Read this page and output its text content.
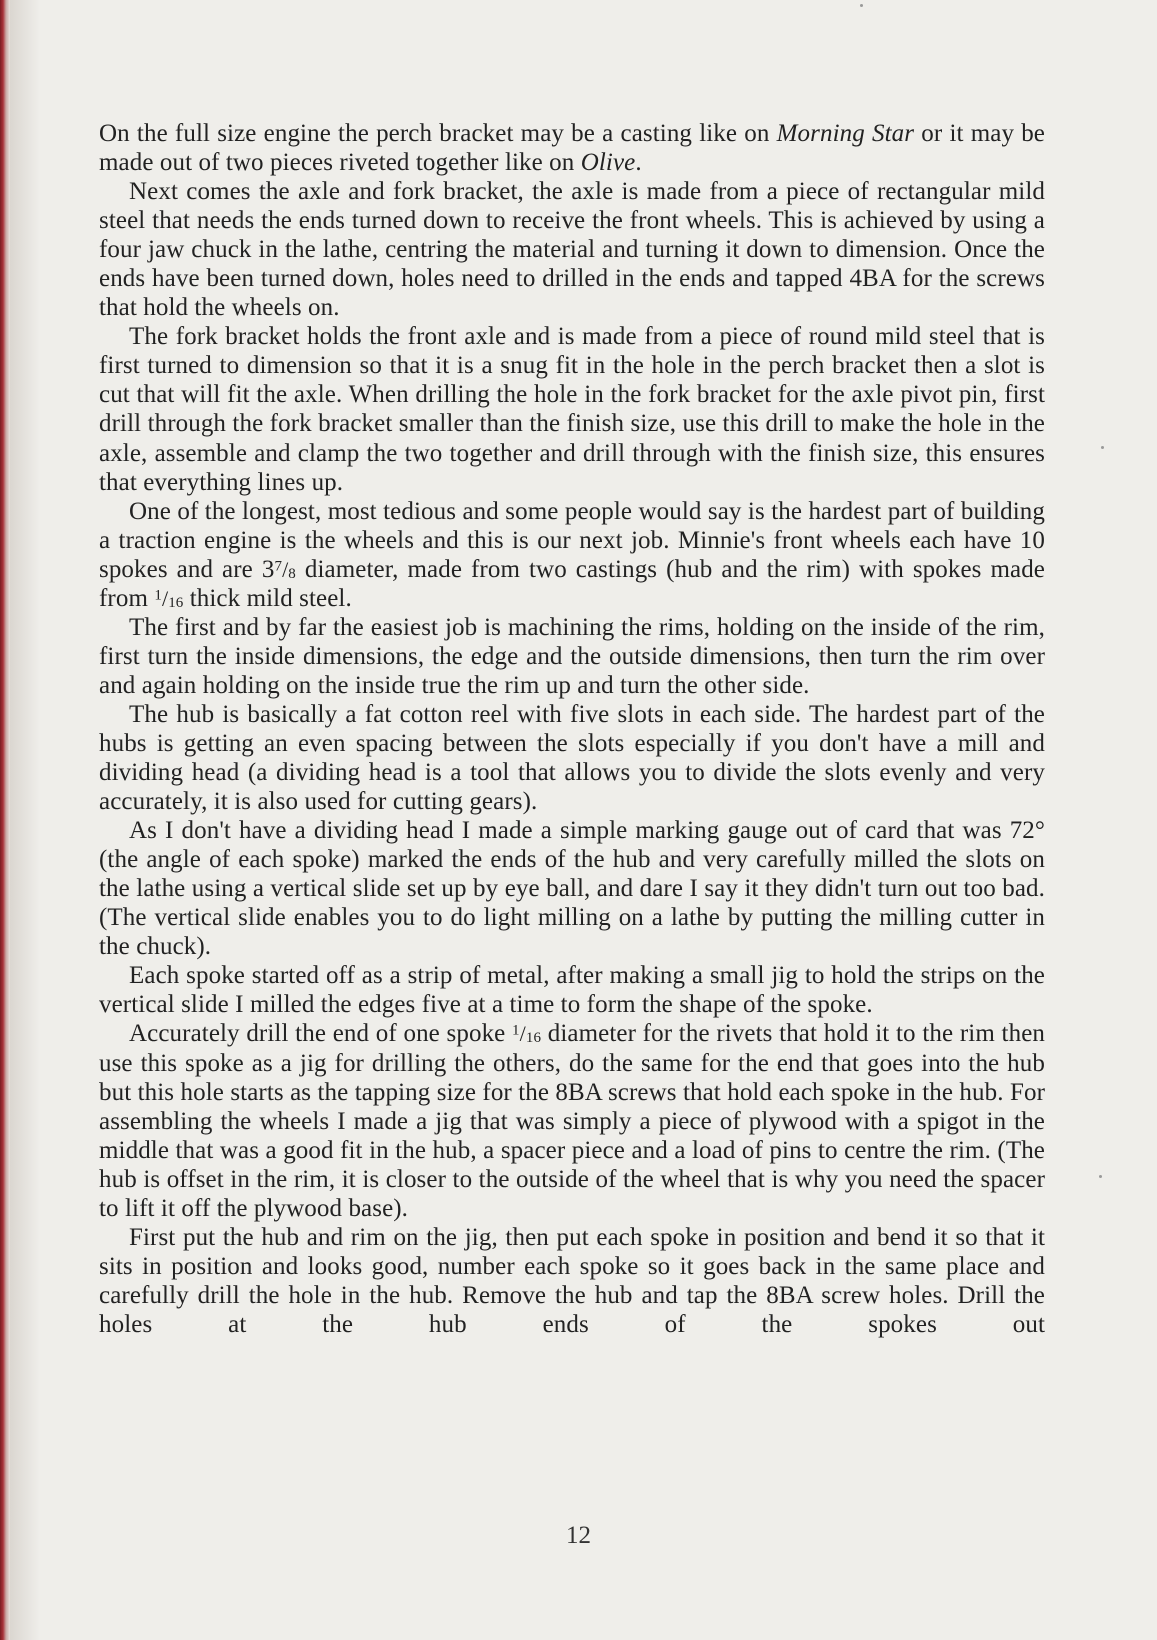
On the full size engine the perch bracket may be a casting like on Morning Star or it may be made out of two pieces riveted together like on Olive.

Next comes the axle and fork bracket, the axle is made from a piece of rectangular mild steel that needs the ends turned down to receive the front wheels. This is achieved by using a four jaw chuck in the lathe, centring the material and turning it down to dimension. Once the ends have been turned down, holes need to drilled in the ends and tapped 4BA for the screws that hold the wheels on.

The fork bracket holds the front axle and is made from a piece of round mild steel that is first turned to dimension so that it is a snug fit in the hole in the perch bracket then a slot is cut that will fit the axle. When drilling the hole in the fork bracket for the axle pivot pin, first drill through the fork bracket smaller than the finish size, use this drill to make the hole in the axle, assemble and clamp the two together and drill through with the finish size, this ensures that everything lines up.

One of the longest, most tedious and some people would say is the hardest part of building a traction engine is the wheels and this is our next job. Minnie's front wheels each have 10 spokes and are $3^7/8$ diameter, made from two castings (hub and the rim) with spokes made from $^1$/16 thick mild steel.

The first and by far the easiest job is machining the rims, holding on the inside of the rim, first turn the inside dimensions, the edge and the outside dimensions, then turn the rim over and again holding on the inside true the rim up and turn the other side.

The hub is basically a fat cotton reel with five slots in each side. The hardest part of the hubs is getting an even spacing between the slots especially if you don't have a mill and dividing head (a dividing head is a tool that allows you to divide the slots evenly and very accurately, it is also used for cutting gears).

As I don't have a dividing head I made a simple marking gauge out of card that was 72° (the angle of each spoke) marked the ends of the hub and very carefully milled the slots on the lathe using a vertical slide set up by eye ball, and dare I say it they didn't turn out too bad. (The vertical slide enables you to do light milling on a lathe by putting the milling cutter in the chuck).

Each spoke started off as a strip of metal, after making a small jig to hold the strips on the vertical slide I milled the edges five at a time to form the shape of the spoke.

Accurately drill the end of one spoke $^1$/16 diameter for the rivets that hold it to the rim then use this spoke as a jig for drilling the others, do the same for the end that goes into the hub but this hole starts as the tapping size for the 8BA screws that hold each spoke in the hub. For assembling the wheels I made a jig that was simply a piece of plywood with a spigot in the middle that was a good fit in the hub, a spacer piece and a load of pins to centre the rim. (The hub is offset in the rim, it is closer to the outside of the wheel that is why you need the spacer to lift it off the plywood base).

First put the hub and rim on the jig, then put each spoke in position and bend it so that it sits in position and looks good, number each spoke so it goes back in the same place and carefully drill the hole in the hub. Remove the hub and tap the 8BA screw holes. Drill the holes at the hub ends of the spokes out

12
